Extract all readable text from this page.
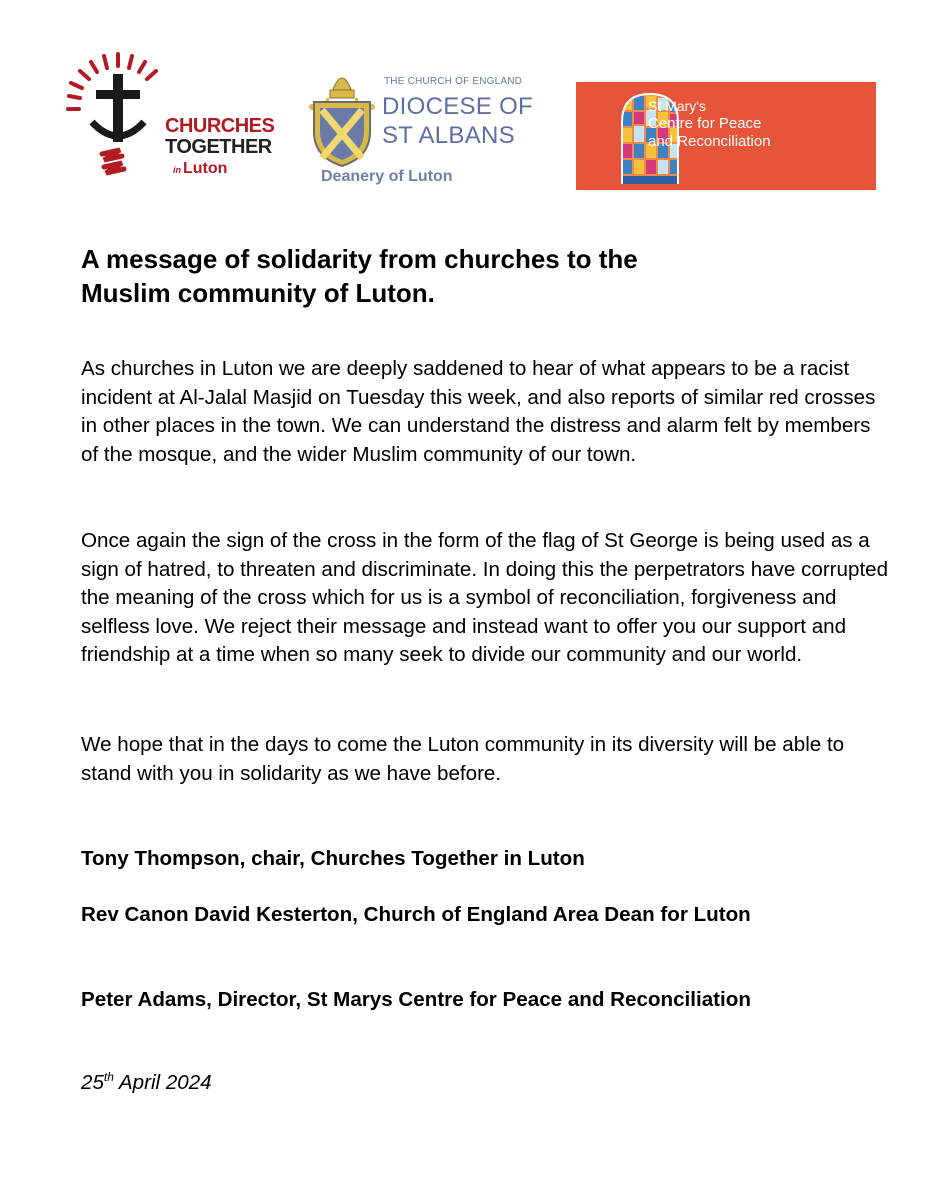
CHURCHES
TOGETHER
in Luton
THE CHURCH OF ENGLAND
DIOCESE OF
ST ALBANS
Deanery of Luton
St Mary's
Centre for Peace
and Reconciliation
A message of solidarity from churches to the
Muslim community of Luton.

As churches in Luton we are deeply saddened to hear of what appears to be a racist incident at Al-Jalal Masjid on Tuesday this week, and also reports of similar red crosses in other places in the town. We can understand the distress and alarm felt by members of the mosque, and the wider Muslim community of our town.

Once again the sign of the cross in the form of the flag of St George is being used as a sign of hatred, to threaten and discriminate. In doing this the perpetrators have corrupted the meaning of the cross which for us is a symbol of reconciliation, forgiveness and selfless love. We reject their message and instead want to offer you our support and friendship at a time when so many seek to divide our community and our world.

We hope that in the days to come the Luton community in its diversity will be able to stand with you in solidarity as we have before.

Tony Thompson, chair, Churches Together in Luton

Rev Canon David Kesterton, Church of England Area Dean for Luton

Peter Adams, Director, St Marys Centre for Peace and Reconciliation

25th April 2024
